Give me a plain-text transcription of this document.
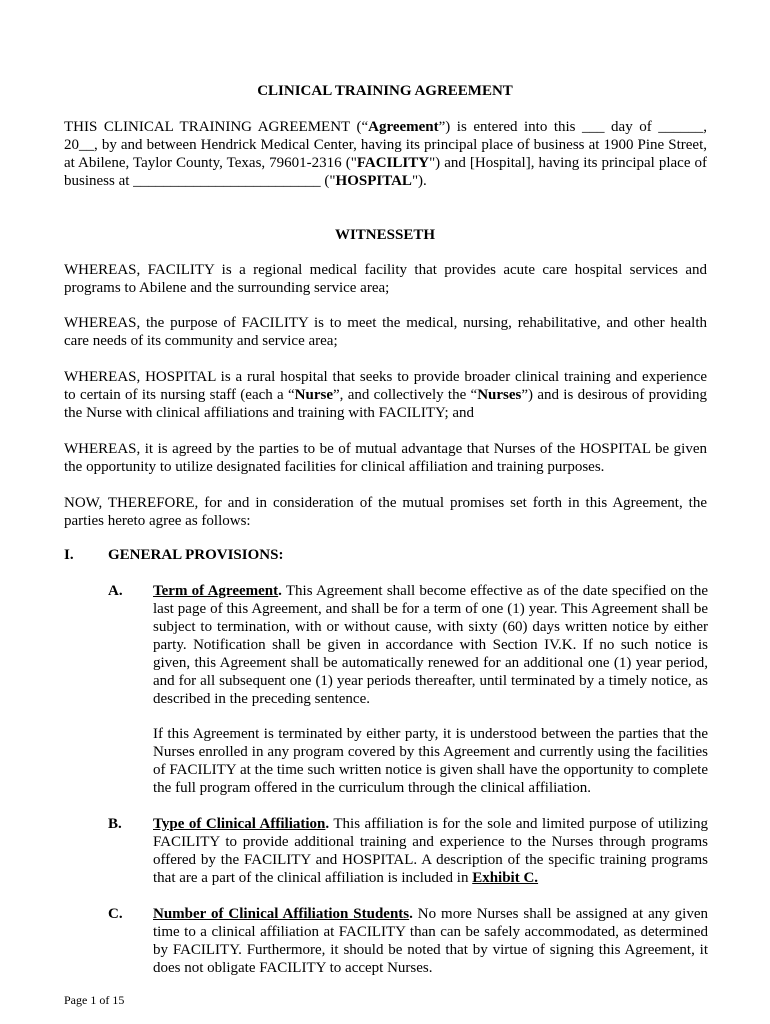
CLINICAL TRAINING AGREEMENT
THIS CLINICAL TRAINING AGREEMENT (“Agreement”) is entered into this ___ day of ______, 20__, by and between Hendrick Medical Center, having its principal place of business at 1900 Pine Street, at Abilene, Taylor County, Texas, 79601-2316 ("FACILITY") and [Hospital], having its principal place of business at _________________________ ("HOSPITAL").
WITNESSETH
WHEREAS, FACILITY is a regional medical facility that provides acute care hospital services and programs to Abilene and the surrounding service area;
WHEREAS, the purpose of FACILITY is to meet the medical, nursing, rehabilitative, and other health care needs of its community and service area;
WHEREAS, HOSPITAL is a rural hospital that seeks to provide broader clinical training and experience to certain of its nursing staff (each a “Nurse”, and collectively the “Nurses”) and is desirous of providing the Nurse with clinical affiliations and training with FACILITY; and
WHEREAS, it is agreed by the parties to be of mutual advantage that Nurses of the HOSPITAL be given the opportunity to utilize designated facilities for clinical affiliation and training purposes.
NOW, THEREFORE, for and in consideration of the mutual promises set forth in this Agreement, the parties hereto agree as follows:
I. GENERAL PROVISIONS:
A. Term of Agreement. This Agreement shall become effective as of the date specified on the last page of this Agreement, and shall be for a term of one (1) year. This Agreement shall be subject to termination, with or without cause, with sixty (60) days written notice by either party. Notification shall be given in accordance with Section IV.K. If no such notice is given, this Agreement shall be automatically renewed for an additional one (1) year period, and for all subsequent one (1) year periods thereafter, until terminated by a timely notice, as described in the preceding sentence.
If this Agreement is terminated by either party, it is understood between the parties that the Nurses enrolled in any program covered by this Agreement and currently using the facilities of FACILITY at the time such written notice is given shall have the opportunity to complete the full program offered in the curriculum through the clinical affiliation.
B. Type of Clinical Affiliation. This affiliation is for the sole and limited purpose of utilizing FACILITY to provide additional training and experience to the Nurses through programs offered by the FACILITY and HOSPITAL. A description of the specific training programs that are a part of the clinical affiliation is included in Exhibit C.
C. Number of Clinical Affiliation Students. No more Nurses shall be assigned at any given time to a clinical affiliation at FACILITY than can be safely accommodated, as determined by FACILITY. Furthermore, it should be noted that by virtue of signing this Agreement, it does not obligate FACILITY to accept Nurses.
Page 1 of 15
